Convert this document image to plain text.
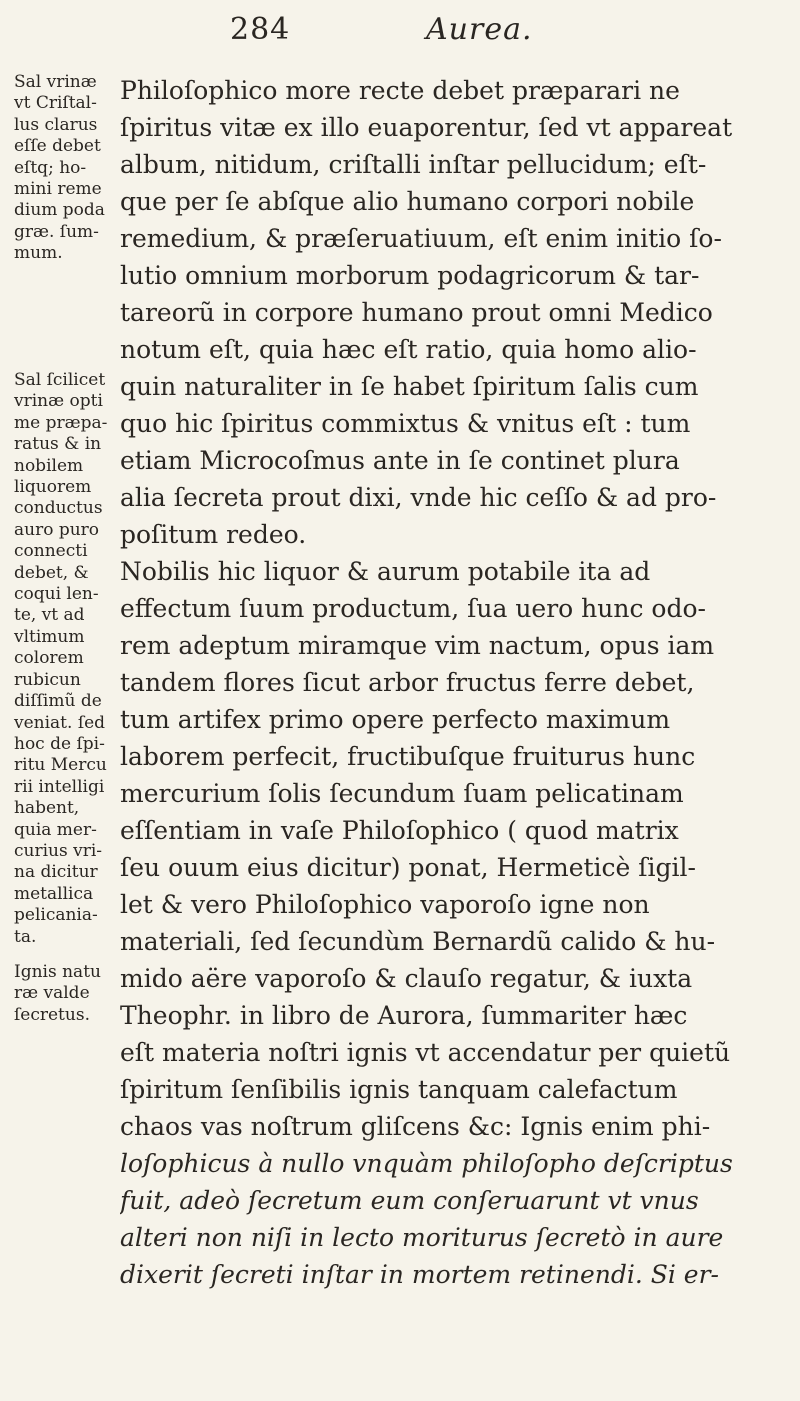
284	Aurea.
Sal vrinæ
vt Criſtal-
lus clarus
eſſe debet
eſtq; ho-
mini reme
dium poda
græ. ſum-
mum.
Sal ſcilicet
vrinæ opti
me præpa-
ratus & in
nobilem
liquorem
conductus
auro puro
connecti
debet, &
coqui len-
te, vt ad
vltimum
colorem
rubicun
diſſimũ de
veniat. ſed
hoc de ſpi-
ritu Mercu
rii intelligi
habent,
quia mer-
curius vri-
na dicitur
metallica
pelicania-
ta.
Ignis natu
ræ valde
ſecretus.
Philoſophico more recte debet præparari ne
ſpiritus vitæ ex illo euaporentur, ſed vt appareat
album, nitidum, criſtalli inſtar pellucidum; eſt-
que per ſe abſque alio humano corpori nobile
remedium, & præſeruatiuum, eſt enim initio ſo-
lutio omnium morborum podagricorum & tar-
tareorũ in corpore humano prout omni Medico
notum eſt, quia hæc eſt ratio, quia homo alio-
quin naturaliter in ſe habet ſpiritum ſalis cum
quo hic ſpiritus commixtus & vnitus eſt : tum
etiam Microcoſmus ante in ſe continet plura
alia ſecreta prout dixi, vnde hic ceſſo & ad pro-
poſitum redeo.
Nobilis hic liquor & aurum potabile ita ad
effectum ſuum productum, ſua uero hunc odo-
rem adeptum miramque vim nactum, opus iam
tandem flores ſicut arbor fructus ferre debet,
tum artifex primo opere perfecto maximum
laborem perfecit, fructibuſque fruiturus hunc
mercurium ſolis ſecundum ſuam pelicatinam
eſſentiam in vaſe Philoſophico ( quod matrix
ſeu ouum eius dicitur) ponat, Hermeticè ſigil-
let & vero Philoſophico vaporoſo igne non
materiali, ſed ſecundùm Bernardũ calido & hu-
mido aëre vaporoſo & clauſo regatur, & iuxta
Theophr. in libro de Aurora, ſummariter hæc
eſt materia noſtri ignis vt accendatur per quietũ
ſpiritum ſenſibilis ignis tanquam calefactum
chaos vas noſtrum gliſcens &c: Ignis enim phi-
loſophicus à nullo vnquàm philoſopho deſcriptus
fuit, adeò ſecretum eum conſeruarunt vt vnus
alteri non niſi in lecto moriturus ſecretò in aure
dixerit ſecreti inſtar in mortem retinendi. Si er-
